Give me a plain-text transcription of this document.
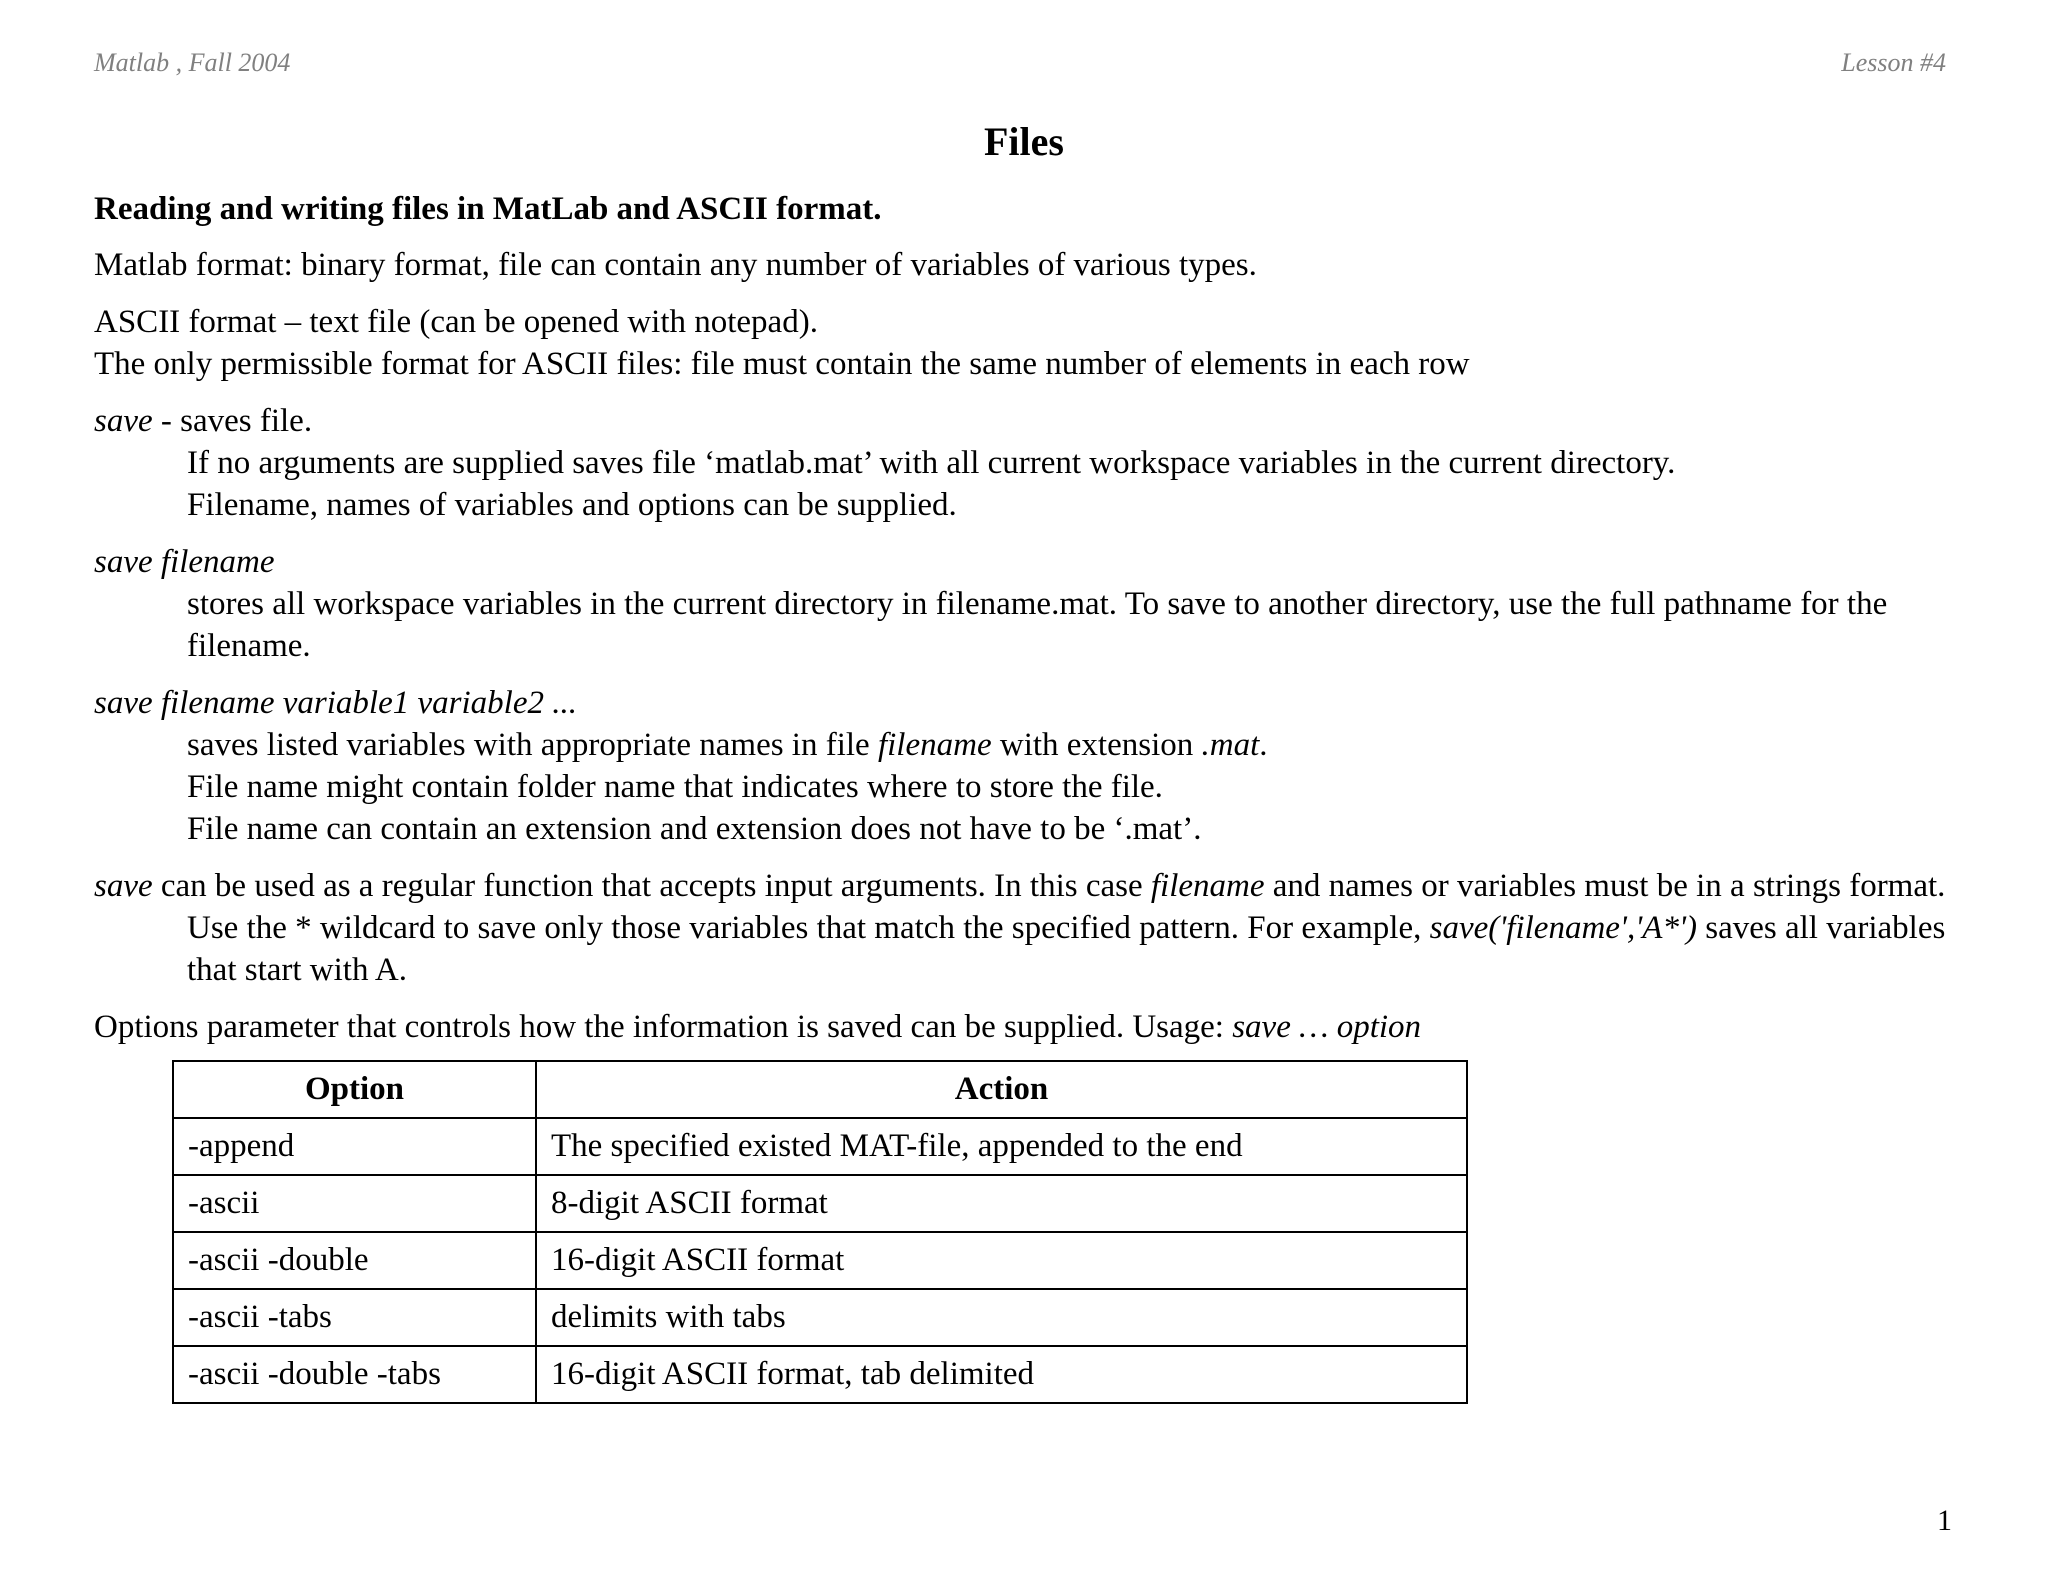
Matlab , Fall 2004	Lesson #4
Files

Reading and writing files in MatLab and ASCII format.

Matlab format: binary format, file can contain any number of variables of various types.

ASCII format – text file (can be opened with notepad).
The only permissible format for ASCII files: file must contain the same number of elements in each row

save - saves file.

If no arguments are supplied saves file ‘matlab.mat’ with all current workspace variables in the current directory.
Filename, names of variables and options can be supplied.

save filename

stores all workspace variables in the current directory in filename.mat. To save to another directory, use the full pathname for the filename.

save filename variable1 variable2 ...

saves listed variables with appropriate names in file filename with extension .mat.
File name might contain folder name that indicates where to store the file.
File name can contain an extension and extension does not have to be ‘.mat’.

save can be used as a regular function that accepts input arguments. In this case filename and names or variables must be in a strings format. Use the * wildcard to save only those variables that match the specified pattern. For example, save('filename','A*') saves all variables that start with A.

Options parameter that controls how the information is saved can be supplied. Usage: save … option

Option	Action
-append	The specified existed MAT-file, appended to the end
-ascii	8-digit ASCII format
-ascii -double	16-digit ASCII format
-ascii -tabs	delimits with tabs
-ascii -double -tabs	16-digit ASCII format, tab delimited
1
